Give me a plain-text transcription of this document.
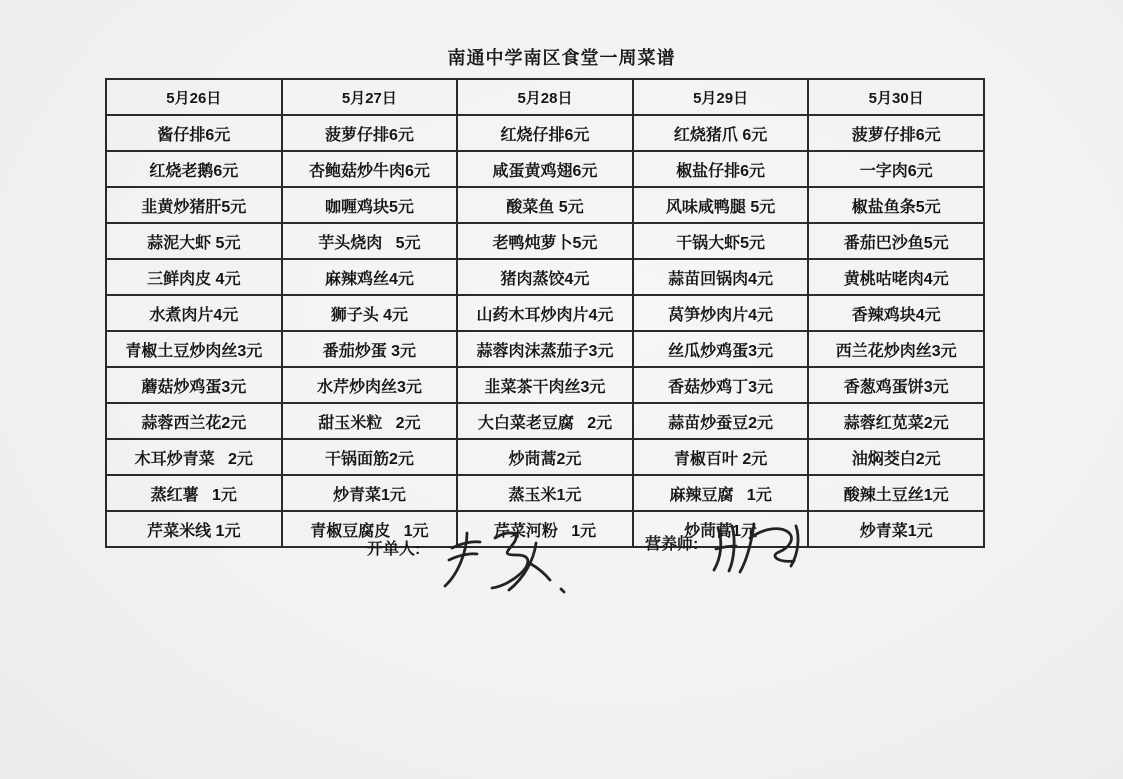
南通中学南区食堂一周菜谱
5月26日	5月27日	5月28日	5月29日	5月30日
酱仔排6元	菠萝仔排6元	红烧仔排6元	红烧猪爪 6元	菠萝仔排6元
红烧老鹅6元	杏鲍菇炒牛肉6元	咸蛋黄鸡翅6元	椒盐仔排6元	一字肉6元
韭黄炒猪肝5元	咖喱鸡块5元	酸菜鱼 5元	风味咸鸭腿 5元	椒盐鱼条5元
蒜泥大虾 5元	芋头烧肉   5元	老鸭炖萝卜5元	干锅大虾5元	番茄巴沙鱼5元
三鲜肉皮 4元	麻辣鸡丝4元	猪肉蒸饺4元	蒜苗回锅肉4元	黄桃咕咾肉4元
水煮肉片4元	狮子头 4元	山药木耳炒肉片4元	莴笋炒肉片4元	香辣鸡块4元
青椒土豆炒肉丝3元	番茄炒蛋 3元	蒜蓉肉沫蒸茄子3元	丝瓜炒鸡蛋3元	西兰花炒肉丝3元
蘑菇炒鸡蛋3元	水芹炒肉丝3元	韭菜茶干肉丝3元	香菇炒鸡丁3元	香葱鸡蛋饼3元
蒜蓉西兰花2元	甜玉米粒   2元	大白菜老豆腐   2元	蒜苗炒蚕豆2元	蒜蓉红苋菜2元
木耳炒青菜   2元	干锅面筋2元	炒茼蒿2元	青椒百叶 2元	油焖茭白2元
蒸红薯   1元	炒青菜1元	蒸玉米1元	麻辣豆腐   1元	酸辣土豆丝1元
芹菜米线 1元	青椒豆腐皮   1元	芹菜河粉   1元	炒茼蒿1元	炒青菜1元
开单人:	营养师:
